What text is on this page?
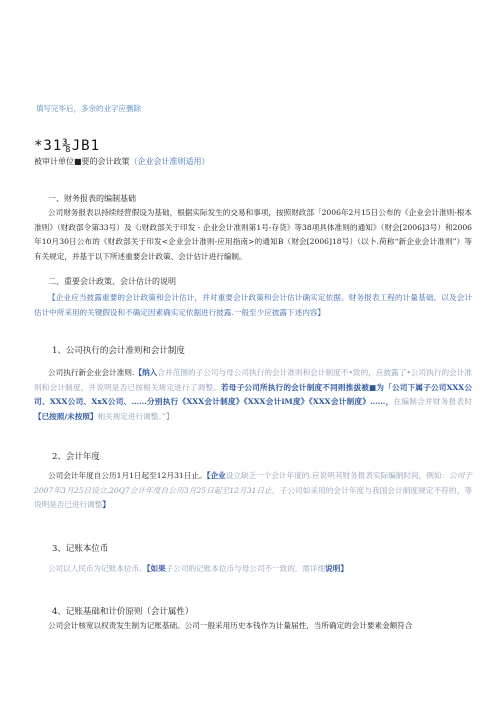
填写完毕后，多余的业字应删除

*31⅜JB1

被审计单位■要的会计政策（企业会计准则适用）

一、财务报表的编制基础

公司财务报表以持续经营假设为基础，根据实际发生的交易和事项，按照财政部「2006年2月15日公布的《企业会计准则-根本准则》（财政部令第33号）及《:财政部关于印发 - 企业会计准则第1号-存货》等38项具体准则的通知》（财会[2006]3号）和2006年10月30日公布的《财政部关于印发<企业会计准则-应用指南>的通知B（财会[2006]18号）（以卜.荷称“新企业会计准则”）等有关规定，并基于以下所述重要会计政策、会计估计进行编制。

二、重要会计政策、会计估计的说明

【企业应当披露重要的会计政策和会计估计，并对重要会计政策和会计估计确实定依据。财务报表工程的计量基础。以及会计估计中所采用的关键假设和不确定因素确实定依据进行披露.一般至少应披露下述内容】

1、公司执行的会计准则和会计制度

公司执行新企业会计准则.【纳入合并范围的子公司与母公司执行的会计准则和会计制度不•致的，应披露了•公司执行的会计准则和会计制度，并说明是否已按相关规定进行了调整。若母子公司所执行的会计制度不同则推拔被■为「公司下属子公司XXX公司、XXX公司、XxX公司、……分别执行《XXX会计制度》《XXX会计lM度》《XXX会计制度》……，在编制合并财务报表时【已按照/未按照】相关规定进行调整。”】

2、会计年度

公司会计年度自公历1月1日起至12月31日止。【企业设立缺乏一个会计年度的.应说明其财务报表实际编制时间，例如：公司于2007年3月25日设立,20Q7会计年度自公历3月25日起至12月31日止，子公司如采用的会计年度与我国会计制度规定不符的，等说明是否已进行调整】

3、记账本位币

公司以人民币为记账本位币。【如果子公司的记账本位币与母公司不一致的，需详细说明】

4、记账基础和计价原则（会计属性）

公司会计核宽以权责发生制为记账基础。公司一般采用历史本钱作为计量届性，当所确定的会计要素金额符合
